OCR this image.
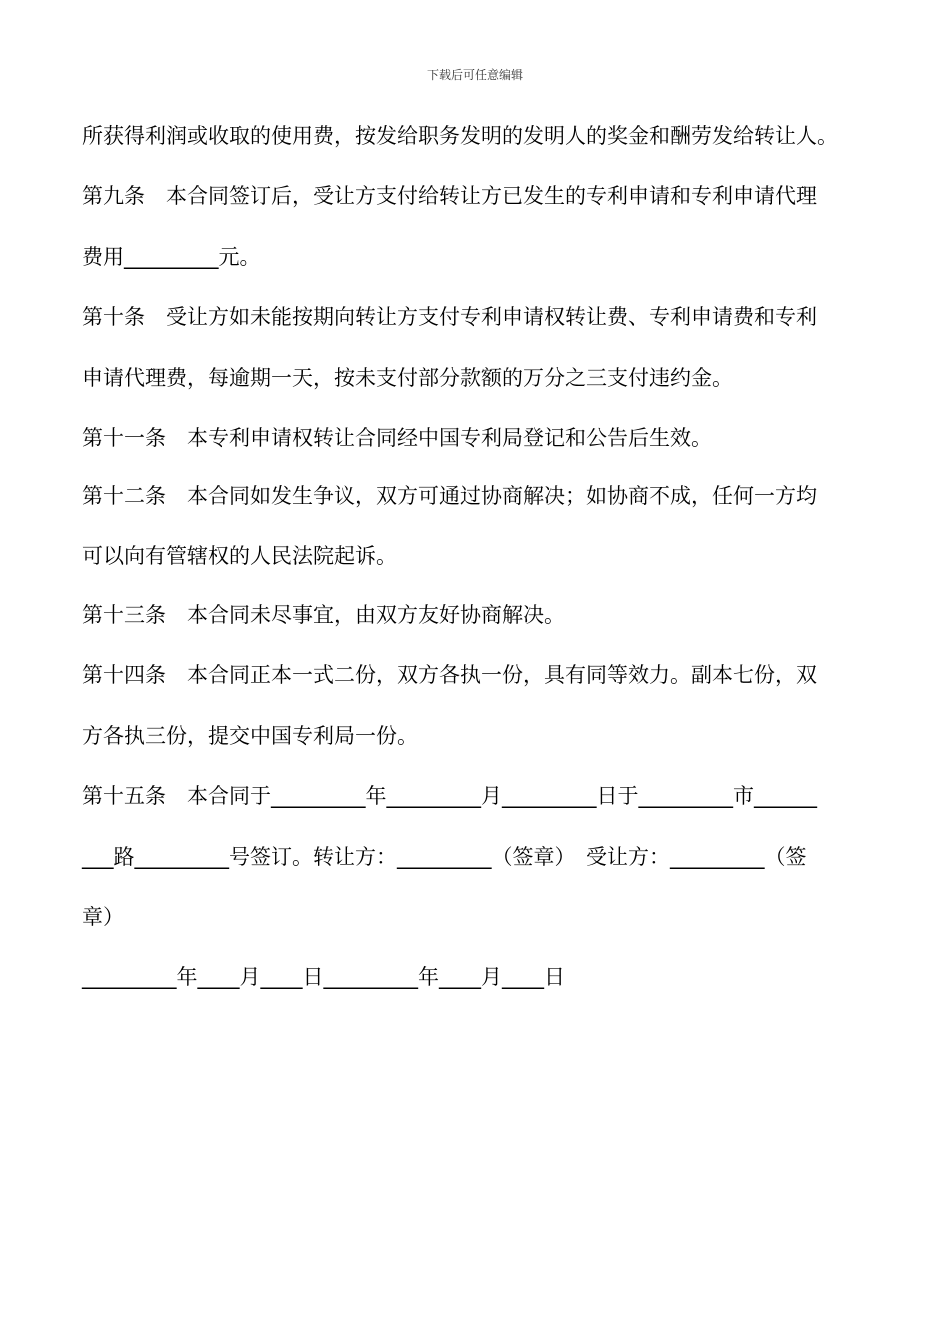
下载后可任意编辑
所获得利润或收取的使用费，按发给职务发明的发明人的奖金和酬劳发给转让人。
第九条　本合同签订后，受让方支付给转让方已发生的专利申请和专利申请代理
费用_________元。
第十条　受让方如未能按期向转让方支付专利申请权转让费、专利申请费和专利
申请代理费，每逾期一天，按未支付部分款额的万分之三支付违约金。
第十一条　本专利申请权转让合同经中国专利局登记和公告后生效。
第十二条　本合同如发生争议，双方可通过协商解决；如协商不成，任何一方均
可以向有管辖权的人民法院起诉。
第十三条　本合同未尽事宜，由双方友好协商解决。
第十四条　本合同正本一式二份，双方各执一份，具有同等效力。副本七份，双
方各执三份，提交中国专利局一份。
第十五条　本合同于_________年_________月_________日于_________市______
___路_________号签订。转让方：_________（签章）　受让方：_________（签
章）
_________年____月____日_________年____月____日
